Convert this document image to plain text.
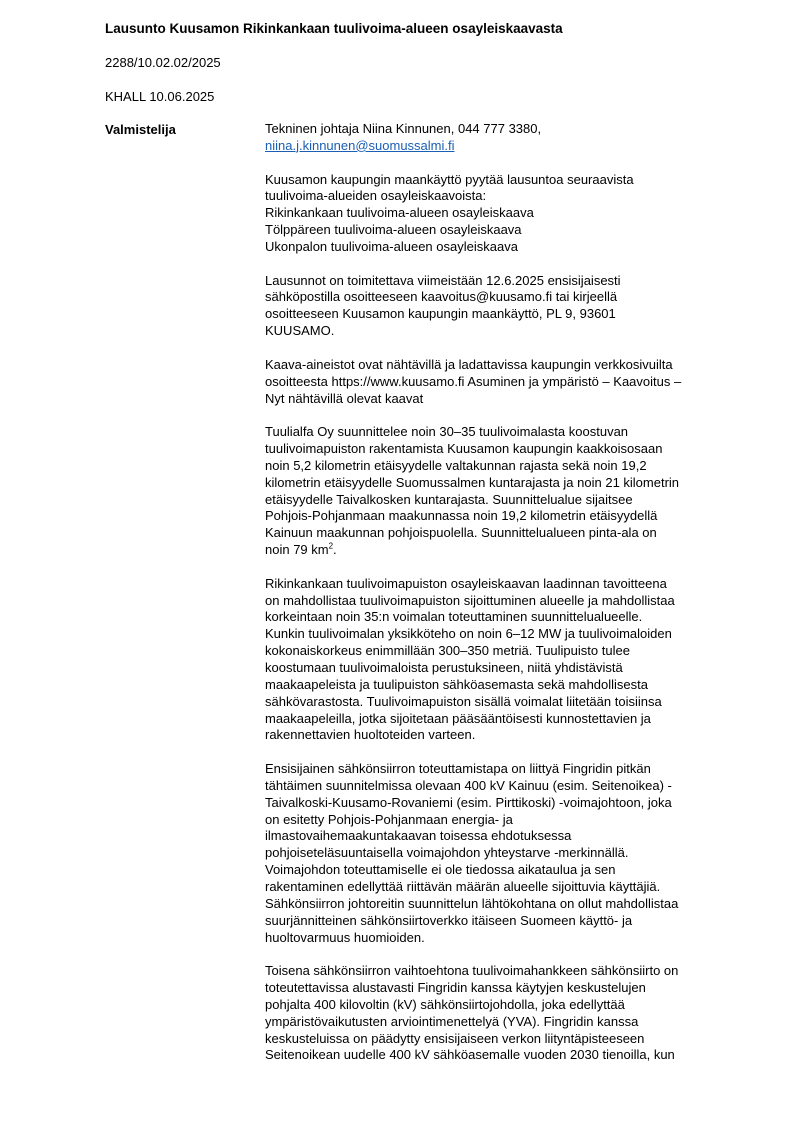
Lausunto Kuusamon Rikinkankaan tuulivoima-alueen osayleiskaavasta
2288/10.02.02/2025
KHALL 10.06.2025
Valmistelija	Tekninen johtaja Niina Kinnunen, 044 777 3380,
niina.j.kinnunen@suomussalmi.fi
Kuusamon kaupungin maankäyttö pyytää lausuntoa seuraavista
tuulivoima-alueiden osayleiskaavoista:
Rikinkankaan tuulivoima-alueen osayleiskaava
Tölppäreen tuulivoima-alueen osayleiskaava
Ukonpalon tuulivoima-alueen osayleiskaava
Lausunnot on toimitettava viimeistään 12.6.2025 ensisijaisesti
sähköpostilla osoitteeseen kaavoitus@kuusamo.fi tai kirjeellä
osoitteeseen Kuusamon kaupungin maankäyttö, PL 9, 93601
KUUSAMO.
Kaava-aineistot ovat nähtävillä ja ladattavissa kaupungin verkkosivuilta
osoitteesta https://www.kuusamo.fi Asuminen ja ympäristö – Kaavoitus –
Nyt nähtävillä olevat kaavat
Tuulialfa Oy suunnittelee noin 30–35 tuulivoimalasta koostuvan
tuulivoimapuiston rakentamista Kuusamon kaupungin kaakkoisosaan
noin 5,2 kilometrin etäisyydelle valtakunnan rajasta sekä noin 19,2
kilometrin etäisyydelle Suomussalmen kuntarajasta ja noin 21 kilometrin
etäisyydelle Taivalkosken kuntarajasta. Suunnittelualue sijaitsee
Pohjois-Pohjanmaan maakunnassa noin 19,2 kilometrin etäisyydellä
Kainuun maakunnan pohjoispuolella. Suunnittelualueen pinta-ala on
noin 79 $km^2$.
Rikinkankaan tuulivoimapuiston osayleiskaavan laadinnan tavoitteena
on mahdollistaa tuulivoimapuiston sijoittuminen alueelle ja mahdollistaa
korkeintaan noin 35:n voimalan toteuttaminen suunnittelualueelle.
Kunkin tuulivoimalan yksikköteho on noin 6–12 MW ja tuulivoimaloiden
kokonaiskorkeus enimmillään 300–350 metriä. Tuulipuisto tulee
koostumaan tuulivoimaloista perustuksineen, niitä yhdistävistä
maakaapeleista ja tuulipuiston sähköasemasta sekä mahdollisesta
sähkövarastosta. Tuulivoimapuiston sisällä voimalat liitetään toisiinsa
maakaapeleilla, jotka sijoitetaan pääsääntöisesti kunnostettavien ja
rakennettavien huoltoteiden varteen.
Ensisijainen sähkönsiirron toteuttamistapa on liittyä Fingridin pitkän
tähtäimen suunnitelmissa olevaan 400 kV Kainuu (esim. Seitenoikea) -
Taivalkoski-Kuusamo-Rovaniemi (esim. Pirttikoski) -voimajohtoon, joka
on esitetty Pohjois-Pohjanmaan energia- ja
ilmastovaihemaakuntakaavan toisessa ehdotuksessa
pohjoiseteläsuuntaisella voimajohdon yhteystarve -merkinnällä.
Voimajohdon toteuttamiselle ei ole tiedossa aikataulua ja sen
rakentaminen edellyttää riittävän määrän alueelle sijoittuvia käyttäjiä.
Sähkönsiirron johtoreitin suunnittelun lähtökohtana on ollut mahdollistaa
suurjännitteinen sähkönsiirtoverkko itäiseen Suomeen käyttö- ja
huoltovarmuus huomioiden.
Toisena sähkönsiirron vaihtoehtona tuulivoimahankkeen sähkönsiirto on
toteutettavissa alustavasti Fingridin kanssa käytyjen keskustelujen
pohjalta 400 kilovoltin (kV) sähkönsiirtojohdolla, joka edellyttää
ympäristövaikutusten arviointimenettelyä (YVA). Fingridin kanssa
keskusteluissa on päädytty ensisijaiseen verkon liityntäpisteeseen
Seitenoikean uudelle 400 kV sähköasemalle vuoden 2030 tienoilla, kun
